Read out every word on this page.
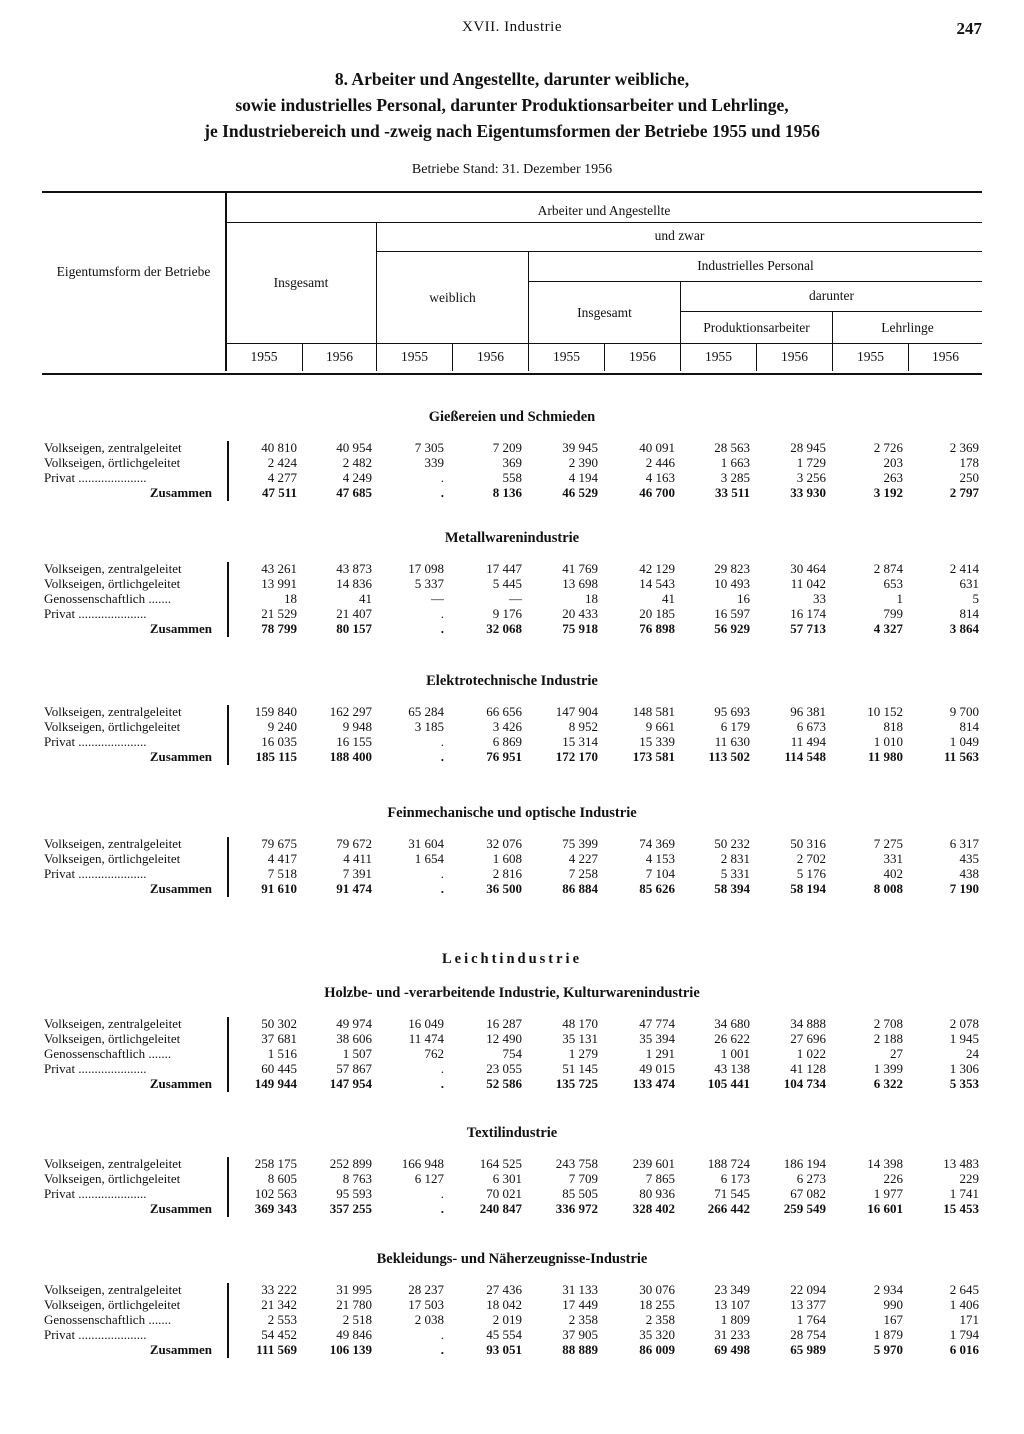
XVII. Industrie	247
8. Arbeiter und Angestellte, darunter weibliche,
sowie industrielles Personal, darunter Produktionsarbeiter und Lehrlinge,
je Industriebereich und -zweig nach Eigentumsformen der Betriebe 1955 und 1956
Betriebe Stand: 31. Dezember 1956
Eigentumsform der Betriebe
Arbeiter und Angestellte
und zwar
Industrielles Personal
darunter
Insgesamt
weiblich
Insgesamt
Produktionsarbeiter	Lehrlinge
1955	1956	1955	1956	1955	1956	1955	1956	1955	1956
Gießereien und Schmieden
Volkseigen, zentralgeleitet	40 810	40 954	7 305	7 209	39 945	40 091	28 563	28 945	2 726	2 369
Volkseigen, örtlichgeleitet	2 424	2 482	339	369	2 390	2 446	1 663	1 729	203	178
Privat .....................	4 277	4 249	.	558	4 194	4 163	3 285	3 256	263	250
Zusammen	47 511	47 685	.	8 136	46 529	46 700	33 511	33 930	3 192	2 797
Metallwarenindustrie
Volkseigen, zentralgeleitet	43 261	43 873	17 098	17 447	41 769	42 129	29 823	30 464	2 874	2 414
Volkseigen, örtlichgeleitet	13 991	14 836	5 337	5 445	13 698	14 543	10 493	11 042	653	631
Genossenschaftlich .......	18	41	—	—	18	41	16	33	1	5
Privat .....................	21 529	21 407	.	9 176	20 433	20 185	16 597	16 174	799	814
Zusammen	78 799	80 157	.	32 068	75 918	76 898	56 929	57 713	4 327	3 864
Elektrotechnische Industrie
Volkseigen, zentralgeleitet	159 840	162 297	65 284	66 656	147 904	148 581	95 693	96 381	10 152	9 700
Volkseigen, örtlichgeleitet	9 240	9 948	3 185	3 426	8 952	9 661	6 179	6 673	818	814
Privat .....................	16 035	16 155	.	6 869	15 314	15 339	11 630	11 494	1 010	1 049
Zusammen	185 115	188 400	.	76 951	172 170	173 581	113 502	114 548	11 980	11 563
Feinmechanische und optische Industrie
Volkseigen, zentralgeleitet	79 675	79 672	31 604	32 076	75 399	74 369	50 232	50 316	7 275	6 317
Volkseigen, örtlichgeleitet	4 417	4 411	1 654	1 608	4 227	4 153	2 831	2 702	331	435
Privat .....................	7 518	7 391	.	2 816	7 258	7 104	5 331	5 176	402	438
Zusammen	91 610	91 474	.	36 500	86 884	85 626	58 394	58 194	8 008	7 190
Leichtindustrie
Holzbe- und -verarbeitende Industrie, Kulturwarenindustrie
Volkseigen, zentralgeleitet	50 302	49 974	16 049	16 287	48 170	47 774	34 680	34 888	2 708	2 078
Volkseigen, örtlichgeleitet	37 681	38 606	11 474	12 490	35 131	35 394	26 622	27 696	2 188	1 945
Genossenschaftlich .......	1 516	1 507	762	754	1 279	1 291	1 001	1 022	27	24
Privat .....................	60 445	57 867	.	23 055	51 145	49 015	43 138	41 128	1 399	1 306
Zusammen	149 944	147 954	.	52 586	135 725	133 474	105 441	104 734	6 322	5 353
Textilindustrie
Volkseigen, zentralgeleitet	258 175	252 899	166 948	164 525	243 758	239 601	188 724	186 194	14 398	13 483
Volkseigen, örtlichgeleitet	8 605	8 763	6 127	6 301	7 709	7 865	6 173	6 273	226	229
Privat .....................	102 563	95 593	.	70 021	85 505	80 936	71 545	67 082	1 977	1 741
Zusammen	369 343	357 255	.	240 847	336 972	328 402	266 442	259 549	16 601	15 453
Bekleidungs- und Näherzeugnisse-Industrie
Volkseigen, zentralgeleitet	33 222	31 995	28 237	27 436	31 133	30 076	23 349	22 094	2 934	2 645
Volkseigen, örtlichgeleitet	21 342	21 780	17 503	18 042	17 449	18 255	13 107	13 377	990	1 406
Genossenschaftlich .......	2 553	2 518	2 038	2 019	2 358	2 358	1 809	1 764	167	171
Privat .....................	54 452	49 846	.	45 554	37 905	35 320	31 233	28 754	1 879	1 794
Zusammen	111 569	106 139	.	93 051	88 889	86 009	69 498	65 989	5 970	6 016
